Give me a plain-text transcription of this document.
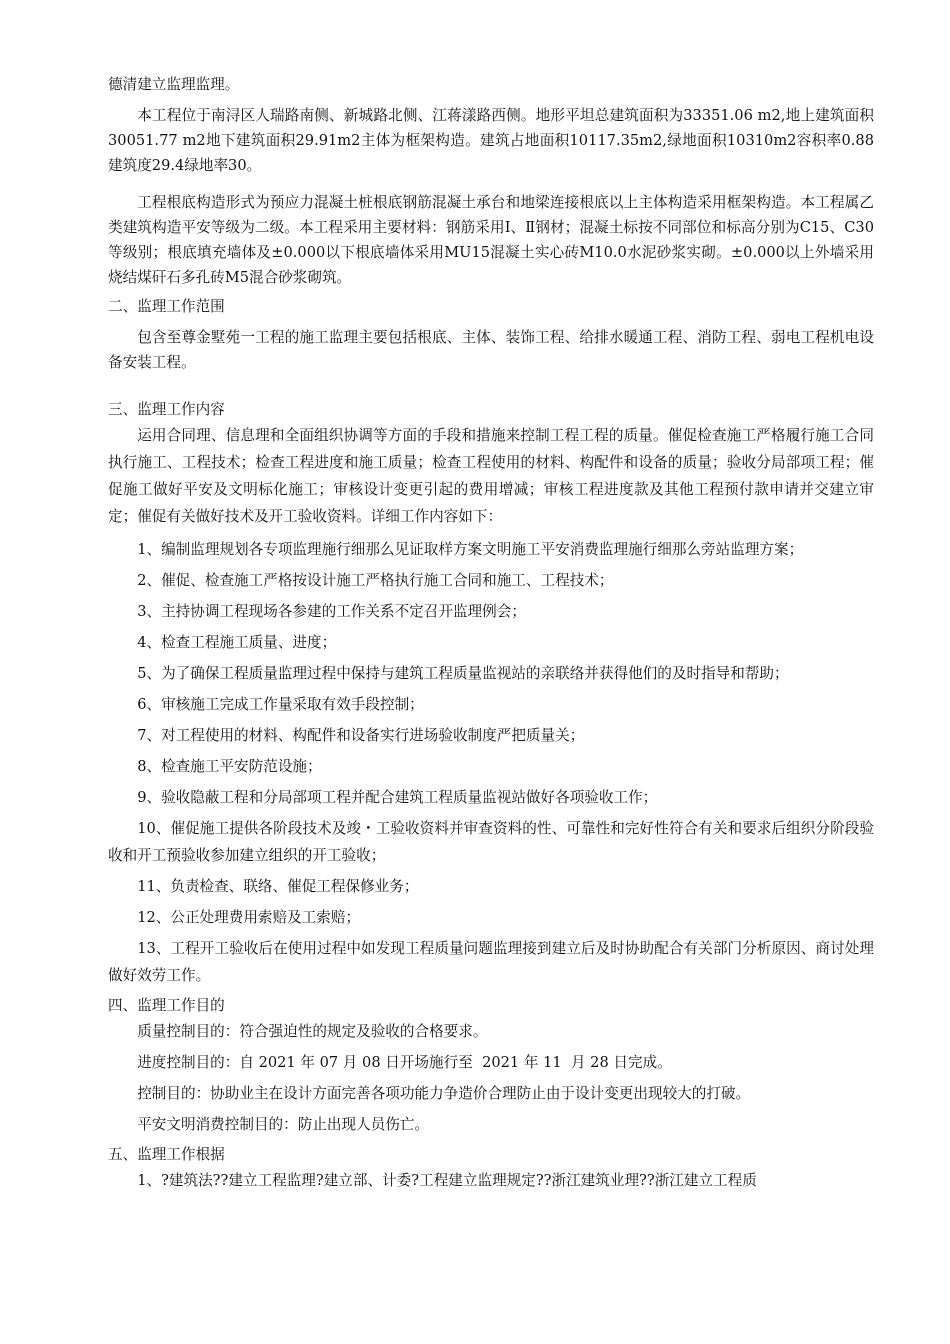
德清建立监理监理。

本工程位于南浔区人瑞路南侧、新城路北侧、江蒋漾路西侧。地形平坦总建筑面积为33351.06 m2,地上建筑面积30051.77 m2地下建筑面积29.91m2主体为框架构造。建筑占地面积10117.35m2,绿地面积10310m2容积率0.88建筑度29.4绿地率30。

工程根底构造形式为预应力混凝土桩根底钢筋混凝土承台和地梁连接根底以上主体构造采用框架构造。本工程属乙类建筑构造平安等级为二级。本工程采用主要材料：钢筋采用Ⅰ、Ⅱ钢材；混凝土标按不同部位和标高分别为C15、C30等级别；根底填充墙体及±0.000以下根底墙体采用MU15混凝土实心砖M10.0水泥砂浆实砌。±0.000以上外墙采用烧结煤矸石多孔砖M5混合砂浆砌筑。

二、监理工作范围

包含至尊金墅苑一工程的施工监理主要包括根底、主体、装饰工程、给排水暖通工程、消防工程、弱电工程机电设备安装工程。

三、监理工作内容

运用合同理、信息理和全面组织协调等方面的手段和措施来控制工程工程的质量。催促检查施工严格履行施工合同执行施工、工程技术；检查工程进度和施工质量；检查工程使用的材料、构配件和设备的质量；验收分局部项工程；催促施工做好平安及文明标化施工；审核设计变更引起的费用增减；审核工程进度款及其他工程预付款申请并交建立审定；催促有关做好技术及开工验收资料。详细工作内容如下：

1、编制监理规划各专项监理施行细那么见证取样方案文明施工平安消费监理施行细那么旁站监理方案；

2、催促、检查施工严格按设计施工严格执行施工合同和施工、工程技术；

3、主持协调工程现场各参建的工作关系不定召开监理例会；

4、检查工程施工质量、进度；

5、为了确保工程质量监理过程中保持与建筑工程质量监视站的亲联络并获得他们的及时指导和帮助；

6、审核施工完成工作量采取有效手段控制；

7、对工程使用的材料、构配件和设备实行进场验收制度严把质量关；

8、检查施工平安防范设施；

9、验收隐蔽工程和分局部项工程并配合建筑工程质量监视站做好各项验收工作；

10、催促施工提供各阶段技术及竣・工验收资料并审查资料的性、可靠性和完好性符合有关和要求后组织分阶段验收和开工预验收参加建立组织的开工验收；

11、负责检查、联络、催促工程保修业务；

12、公正处理费用索赔及工索赔；

13、工程开工验收后在使用过程中如发现工程质量问题监理接到建立后及时协助配合有关部门分析原因、商讨处理做好效劳工作。

四、监理工作目的

质量控制目的：符合强迫性的规定及验收的合格要求。

进度控制目的：自 2021 年 07 月 08 日开场施行至  2021 年 11  月 28 日完成。

控制目的：协助业主在设计方面完善各项功能力争造价合理防止由于设计变更出现较大的打破。

平安文明消费控制目的：防止出现人员伤亡。

五、监理工作根据

1、?建筑法??建立工程监理?建立部、计委?工程建立监理规定??浙江建筑业理??浙江建立工程质
